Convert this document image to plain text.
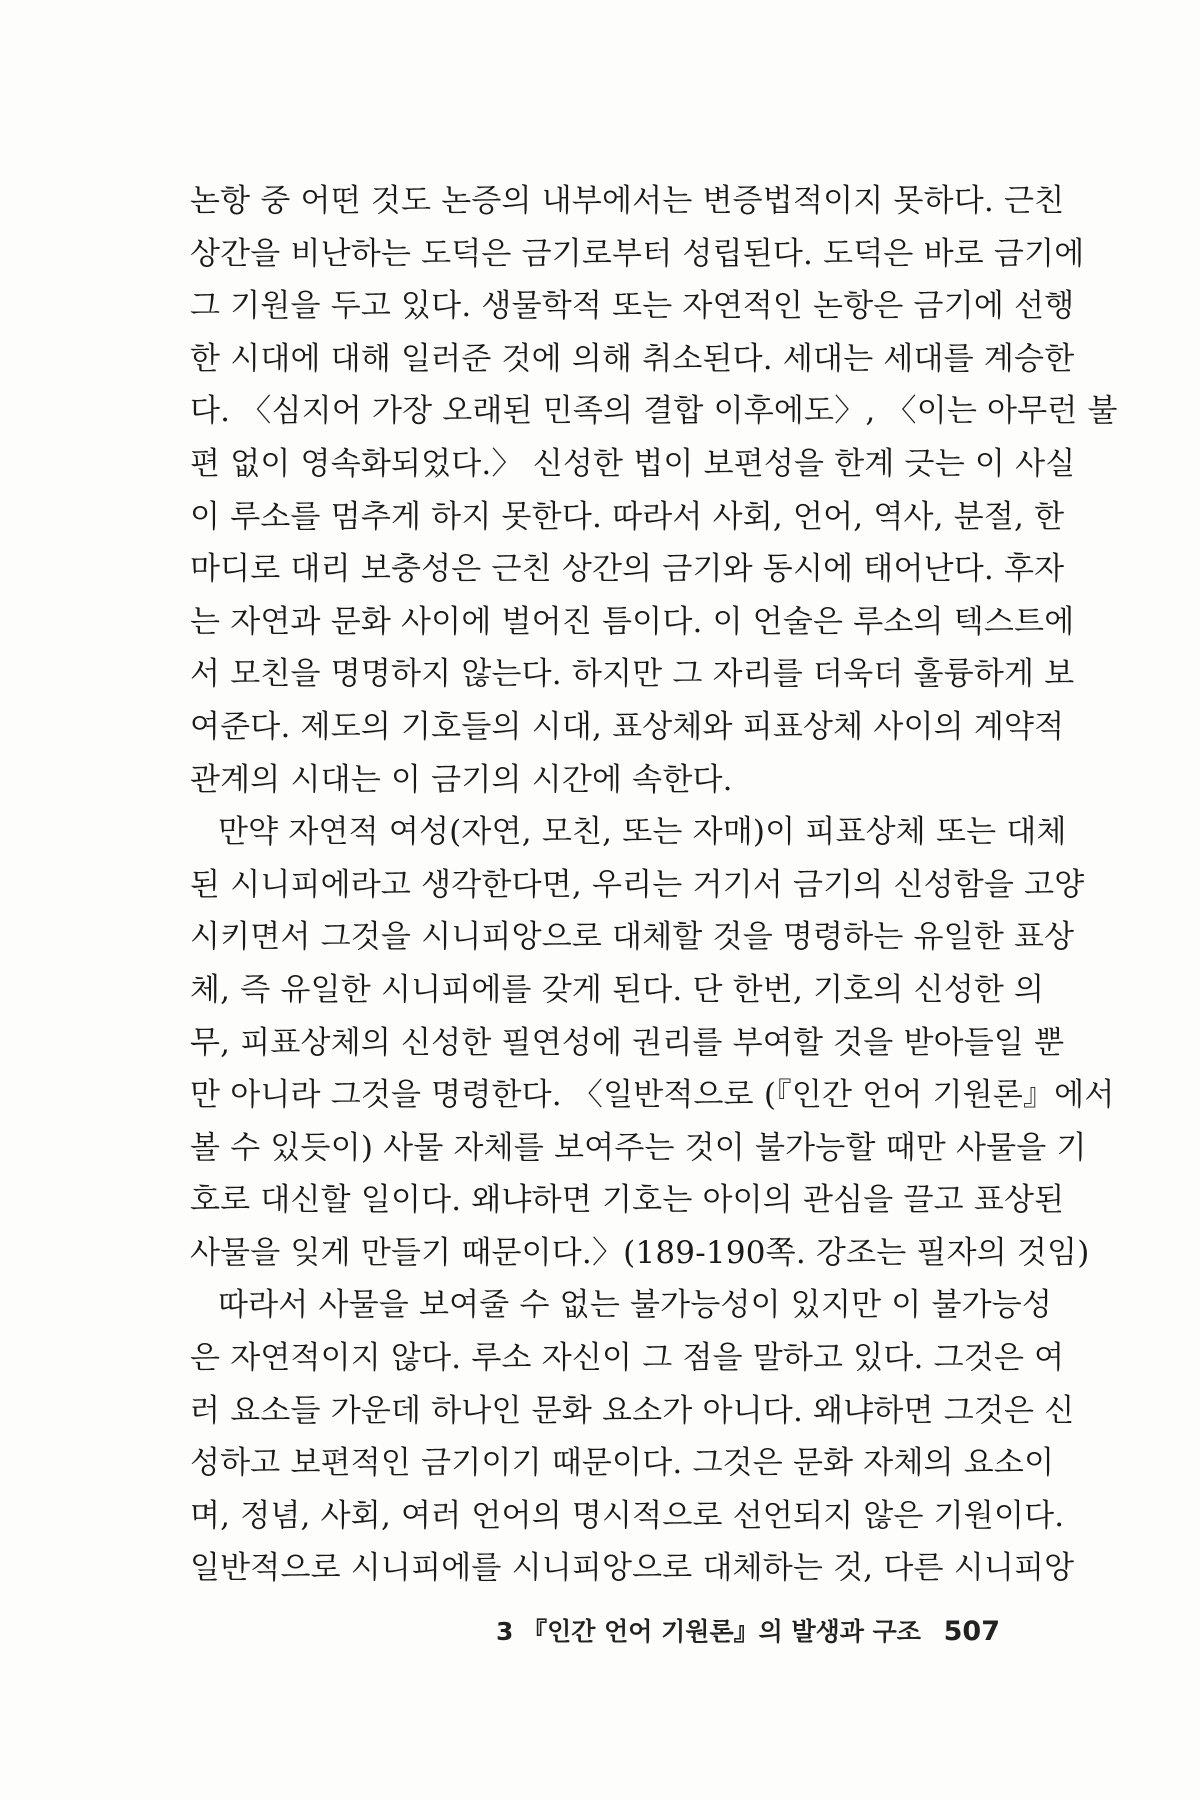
논항 중 어떤 것도 논증의 내부에서는 변증법적이지 못하다. 근친
상간을 비난하는 도덕은 금기로부터 성립된다. 도덕은 바로 금기에
그 기원을 두고 있다. 생물학적 또는 자연적인 논항은 금기에 선행
한 시대에 대해 일러준 것에 의해 취소된다. 세대는 세대를 계승한
다. 〈심지어 가장 오래된 민족의 결합 이후에도〉, 〈이는 아무런 불
편 없이 영속화되었다.〉 신성한 법이 보편성을 한계 긋는 이 사실
이 루소를 멈추게 하지 못한다. 따라서 사회, 언어, 역사, 분절, 한
마디로 대리 보충성은 근친 상간의 금기와 동시에 태어난다. 후자
는 자연과 문화 사이에 벌어진 틈이다. 이 언술은 루소의 텍스트에
서 모친을 명명하지 않는다. 하지만 그 자리를 더욱더 훌륭하게 보
여준다. 제도의 기호들의 시대, 표상체와 피표상체 사이의 계약적
관계의 시대는 이 금기의 시간에 속한다.
만약 자연적 여성(자연, 모친, 또는 자매)이 피표상체 또는 대체
된 시니피에라고 생각한다면, 우리는 거기서 금기의 신성함을 고양
시키면서 그것을 시니피앙으로 대체할 것을 명령하는 유일한 표상
체, 즉 유일한 시니피에를 갖게 된다. 단 한번, 기호의 신성한 의
무, 피표상체의 신성한 필연성에 권리를 부여할 것을 받아들일 뿐
만 아니라 그것을 명령한다. 〈일반적으로 (『인간 언어 기원론』에서
볼 수 있듯이) 사물 자체를 보여주는 것이 불가능할 때만 사물을 기
호로 대신할 일이다. 왜냐하면 기호는 아이의 관심을 끌고 표상된
사물을 잊게 만들기 때문이다.〉(189-190쪽. 강조는 필자의 것임)
따라서 사물을 보여줄 수 없는 불가능성이 있지만 이 불가능성
은 자연적이지 않다. 루소 자신이 그 점을 말하고 있다. 그것은 여
러 요소들 가운데 하나인 문화 요소가 아니다. 왜냐하면 그것은 신
성하고 보편적인 금기이기 때문이다. 그것은 문화 자체의 요소이
며, 정념, 사회, 여러 언어의 명시적으로 선언되지 않은 기원이다.
일반적으로 시니피에를 시니피앙으로 대체하는 것, 다른 시니피앙
3 『인간 언어 기원론』의 발생과 구조 507
